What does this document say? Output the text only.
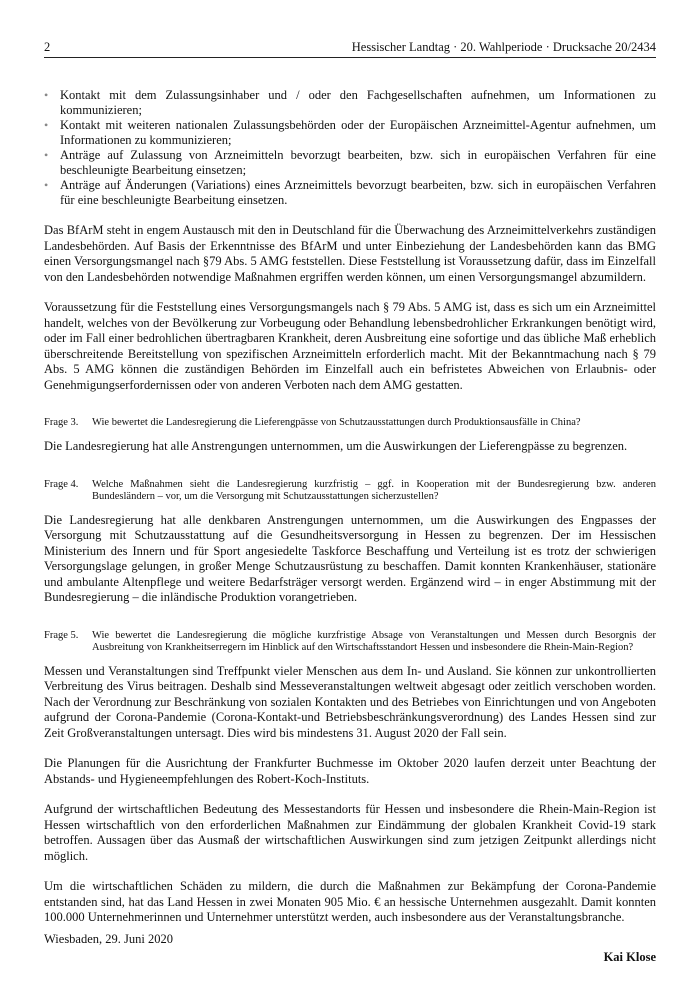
2	Hessischer Landtag · 20. Wahlperiode · Drucksache 20/2434
• Kontakt mit dem Zulassungsinhaber und / oder den Fachgesellschaften aufnehmen, um Informationen zu kommunizieren;
• Kontakt mit weiteren nationalen Zulassungsbehörden oder der Europäischen Arzneimittel-Agentur aufnehmen, um Informationen zu kommunizieren;
• Anträge auf Zulassung von Arzneimitteln bevorzugt bearbeiten, bzw. sich in europäischen Verfahren für eine beschleunigte Bearbeitung einsetzen;
• Anträge auf Änderungen (Variations) eines Arzneimittels bevorzugt bearbeiten, bzw. sich in europäischen Verfahren für eine beschleunigte Bearbeitung einsetzen.

Das BfArM steht in engem Austausch mit den in Deutschland für die Überwachung des Arzneimittelverkehrs zuständigen Landesbehörden. Auf Basis der Erkenntnisse des BfArM und unter Einbeziehung der Landesbehörden kann das BMG einen Versorgungsmangel nach §79 Abs. 5 AMG feststellen. Diese Feststellung ist Voraussetzung dafür, dass im Einzelfall von den Landesbehörden notwendige Maßnahmen ergriffen werden können, um einen Versorgungsmangel abzumildern.

Voraussetzung für die Feststellung eines Versorgungsmangels nach § 79 Abs. 5 AMG ist, dass es sich um ein Arzneimittel handelt, welches von der Bevölkerung zur Vorbeugung oder Behandlung lebensbedrohlicher Erkrankungen benötigt wird, oder im Fall einer bedrohlichen übertragbaren Krankheit, deren Ausbreitung eine sofortige und das übliche Maß erheblich überschreitende Bereitstellung von spezifischen Arzneimitteln erforderlich macht. Mit der Bekanntmachung nach § 79 Abs. 5 AMG können die zuständigen Behörden im Einzelfall auch ein befristetes Abweichen von Erlaubnis- oder Genehmigungserfordernissen oder von anderen Verboten nach dem AMG gestatten.

Frage 3.	Wie bewertet die Landesregierung die Lieferengpässe von Schutzausstattungen durch Produktionsausfälle in China?

Die Landesregierung hat alle Anstrengungen unternommen, um die Auswirkungen der Lieferengpässe zu begrenzen.

Frage 4.	Welche Maßnahmen sieht die Landesregierung kurzfristig – ggf. in Kooperation mit der Bundesregierung bzw. anderen Bundesländern – vor, um die Versorgung mit Schutzausstattungen sicherzustellen?

Die Landesregierung hat alle denkbaren Anstrengungen unternommen, um die Auswirkungen des Engpasses der Versorgung mit Schutzausstattung auf die Gesundheitsversorgung in Hessen zu begrenzen. Der im Hessischen Ministerium des Innern und für Sport angesiedelte Taskforce Beschaffung und Verteilung ist es trotz der schwierigen Versorgungslage gelungen, in großer Menge Schutzausrüstung zu beschaffen. Damit konnten Krankenhäuser, stationäre und ambulante Altenpflege und weitere Bedarfsträger versorgt werden. Ergänzend wird – in enger Abstimmung mit der Bundesregierung – die inländische Produktion vorangetrieben.

Frage 5.	Wie bewertet die Landesregierung die mögliche kurzfristige Absage von Veranstaltungen und Messen durch Besorgnis der Ausbreitung von Krankheitserregern im Hinblick auf den Wirtschaftsstandort Hessen und insbesondere die Rhein-Main-Region?

Messen und Veranstaltungen sind Treffpunkt vieler Menschen aus dem In- und Ausland. Sie können zur unkontrollierten Verbreitung des Virus beitragen. Deshalb sind Messeveranstaltungen weltweit abgesagt oder zeitlich verschoben worden. Nach der Verordnung zur Beschränkung von sozialen Kontakten und des Betriebes von Einrichtungen und von Angeboten aufgrund der Corona-Pandemie (Corona-Kontakt-und Betriebsbeschränkungsverordnung) des Landes Hessen sind zur Zeit Großveranstaltungen untersagt. Dies wird bis mindestens 31. August 2020 der Fall sein.

Die Planungen für die Ausrichtung der Frankfurter Buchmesse im Oktober 2020 laufen derzeit unter Beachtung der Abstands- und Hygieneempfehlungen des Robert-Koch-Instituts.

Aufgrund der wirtschaftlichen Bedeutung des Messestandorts für Hessen und insbesondere die Rhein-Main-Region ist Hessen wirtschaftlich von den erforderlichen Maßnahmen zur Eindämmung der globalen Krankheit Covid-19 stark betroffen. Aussagen über das Ausmaß der wirtschaftlichen Auswirkungen sind zum jetzigen Zeitpunkt allerdings nicht möglich.

Um die wirtschaftlichen Schäden zu mildern, die durch die Maßnahmen zur Bekämpfung der Corona-Pandemie entstanden sind, hat das Land Hessen in zwei Monaten 905 Mio. € an hessische Unternehmen ausgezahlt. Damit konnten 100.000 Unternehmerinnen und Unternehmer unterstützt werden, auch insbesondere aus der Veranstaltungsbranche.

Wiesbaden, 29. Juni 2020
Kai Klose
